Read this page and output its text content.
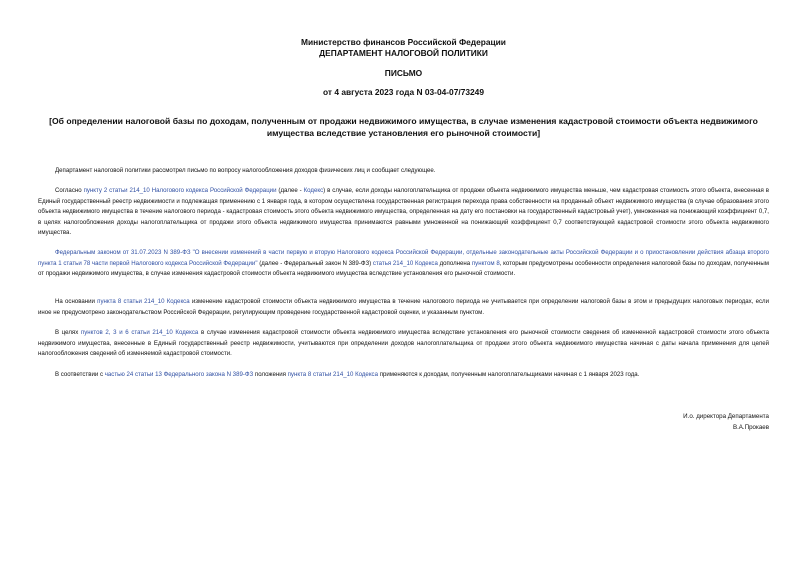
Министерство финансов Российской Федерации
ДЕПАРТАМЕНТ НАЛОГОВОЙ ПОЛИТИКИ
ПИСЬМО
от 4 августа 2023 года N 03-04-07/73249
[Об определении налоговой базы по доходам, полученным от продажи недвижимого имущества, в случае изменения кадастровой стоимости объекта недвижимого имущества вследствие установления его рыночной стоимости]
Департамент налоговой политики рассмотрел письмо по вопросу налогообложения доходов физических лиц и сообщает следующее.
Согласно пункту 2 статьи 214_10 Налогового кодекса Российской Федерации (далее - Кодекс) в случае, если доходы налогоплательщика от продажи объекта недвижимого имущества меньше, чем кадастровая стоимость этого объекта, внесенная в Единый государственный реестр недвижимости и подлежащая применению с 1 января года, в котором осуществлена государственная регистрация перехода права собственности на проданный объект недвижимого имущества (в случае образования этого объекта недвижимого имущества в течение налогового периода - кадастровая стоимость этого объекта недвижимого имущества, определенная на дату его постановки на государственный кадастровый учет), умноженная на понижающий коэффициент 0,7, в целях налогообложения доходы налогоплательщика от продажи этого объекта недвижимого имущества принимаются равными умноженной на понижающий коэффициент 0,7 соответствующей кадастровой стоимости этого объекта недвижимого имущества.
Федеральным законом от 31.07.2023 N 389-ФЗ "О внесении изменений в части первую и вторую Налогового кодекса Российской Федерации, отдельные законодательные акты Российской Федерации и о приостановлении действия абзаца второго пункта 1 статьи 78 части первой Налогового кодекса Российской Федерации" (далее - Федеральный закон N 389-ФЗ) статья 214_10 Кодекса дополнена пунктом 8, которым предусмотрены особенности определения налоговой базы по доходам, полученным от продажи недвижимого имущества, в случае изменения кадастровой стоимости объекта недвижимого имущества вследствие установления его рыночной стоимости.
На основании пункта 8 статьи 214_10 Кодекса изменение кадастровой стоимости объекта недвижимого имущества в течение налогового периода не учитывается при определении налоговой базы в этом и предыдущих налоговых периодах, если иное не предусмотрено законодательством Российской Федерации, регулирующим проведение государственной кадастровой оценки, и указанным пунктом.
В целях пунктов 2, 3 и 6 статьи 214_10 Кодекса в случае изменения кадастровой стоимости объекта недвижимого имущества вследствие установления его рыночной стоимости сведения об измененной кадастровой стоимости этого объекта недвижимого имущества, внесенные в Единый государственный реестр недвижимости, учитываются при определении доходов налогоплательщика от продажи этого объекта недвижимого имущества начиная с даты начала применения для целей налогообложения сведений об изменяемой кадастровой стоимости.
В соответствии с частью 24 статьи 13 Федерального закона N 389-ФЗ положения пункта 8 статьи 214_10 Кодекса применяются к доходам, полученным налогоплательщиками начиная с 1 января 2023 года.
И.о. директора Департамента
В.А.Прокаев
